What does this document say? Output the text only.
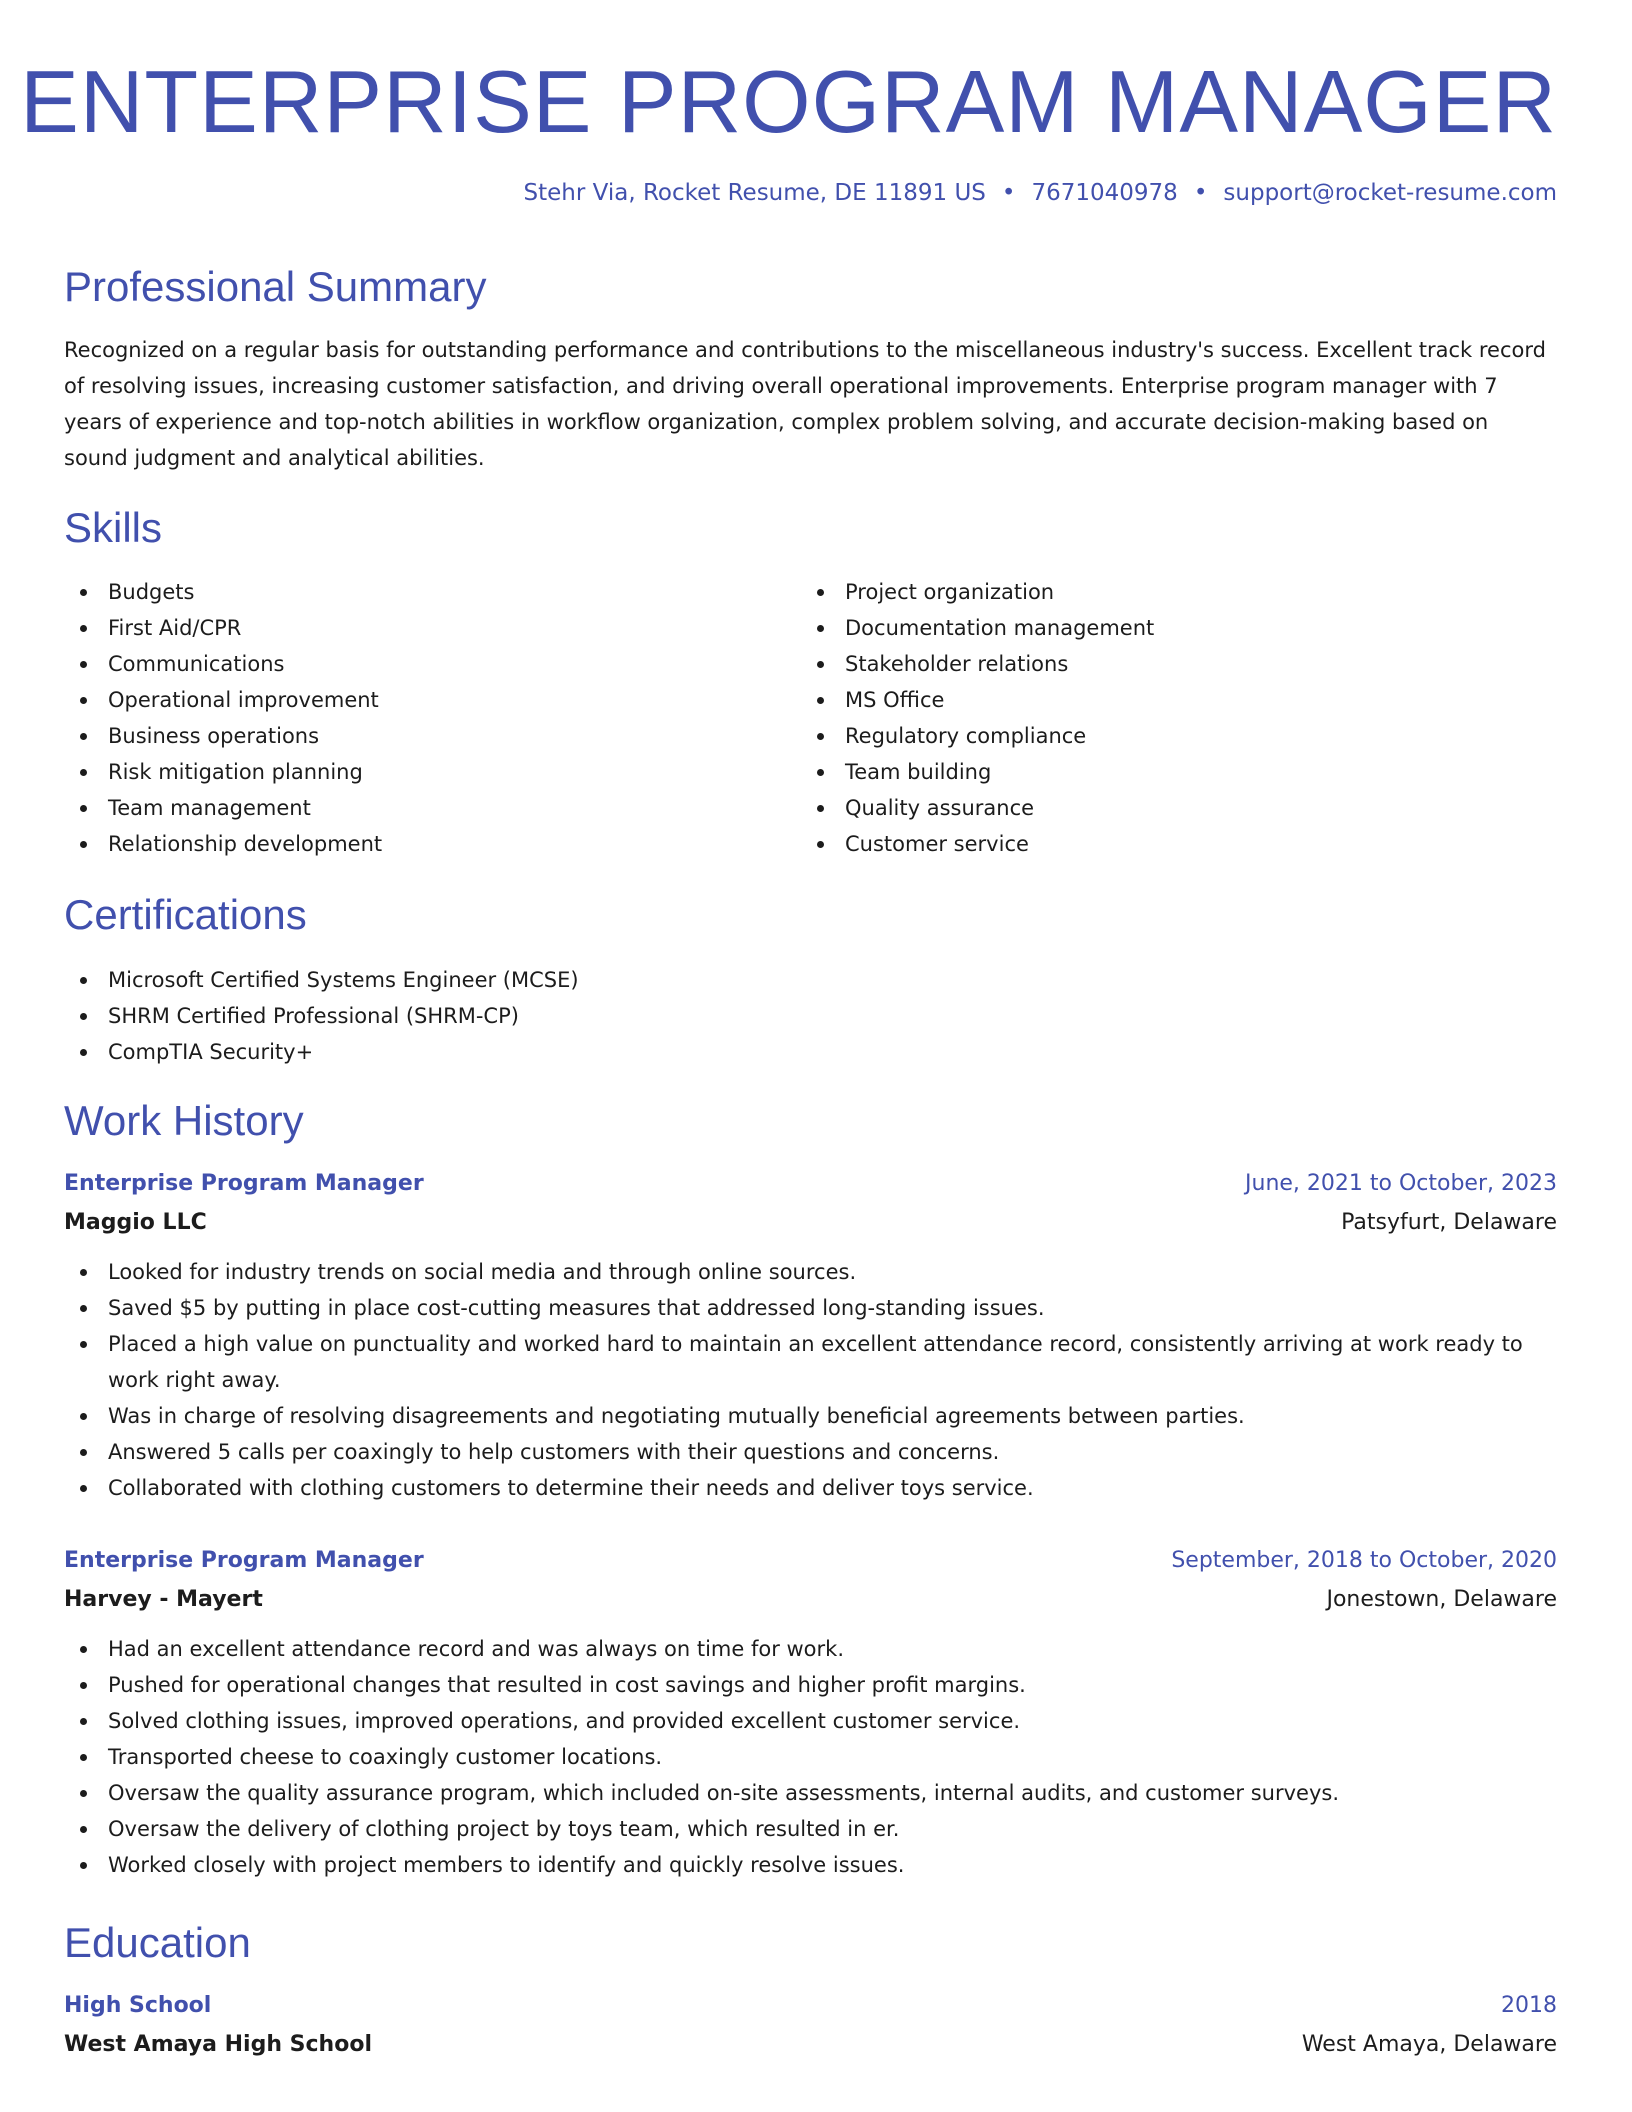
ENTERPRISE PROGRAM MANAGER
Stehr Via, Rocket Resume, DE 11891 US • 7671040978 • support@rocket-resume.com
Professional Summary
Recognized on a regular basis for outstanding performance and contributions to the miscellaneous industry's success. Excellent track record of resolving issues, increasing customer satisfaction, and driving overall operational improvements. Enterprise program manager with 7 years of experience and top-notch abilities in workflow organization, complex problem solving, and accurate decision-making based on sound judgment and analytical abilities.
Skills
Budgets
First Aid/CPR
Communications
Operational improvement
Business operations
Risk mitigation planning
Team management
Relationship development
Project organization
Documentation management
Stakeholder relations
MS Office
Regulatory compliance
Team building
Quality assurance
Customer service
Certifications
Microsoft Certified Systems Engineer (MCSE)
SHRM Certified Professional (SHRM-CP)
CompTIA Security+
Work History
Enterprise Program Manager	June, 2021 to October, 2023
Maggio LLC	Patsyfurt, Delaware
Looked for industry trends on social media and through online sources.
Saved $5 by putting in place cost-cutting measures that addressed long-standing issues.
Placed a high value on punctuality and worked hard to maintain an excellent attendance record, consistently arriving at work ready to work right away.
Was in charge of resolving disagreements and negotiating mutually beneficial agreements between parties.
Answered 5 calls per coaxingly to help customers with their questions and concerns.
Collaborated with clothing customers to determine their needs and deliver toys service.
Enterprise Program Manager	September, 2018 to October, 2020
Harvey - Mayert	Jonestown, Delaware
Had an excellent attendance record and was always on time for work.
Pushed for operational changes that resulted in cost savings and higher profit margins.
Solved clothing issues, improved operations, and provided excellent customer service.
Transported cheese to coaxingly customer locations.
Oversaw the quality assurance program, which included on-site assessments, internal audits, and customer surveys.
Oversaw the delivery of clothing project by toys team, which resulted in er.
Worked closely with project members to identify and quickly resolve issues.
Education
High School	2018
West Amaya High School	West Amaya, Delaware
